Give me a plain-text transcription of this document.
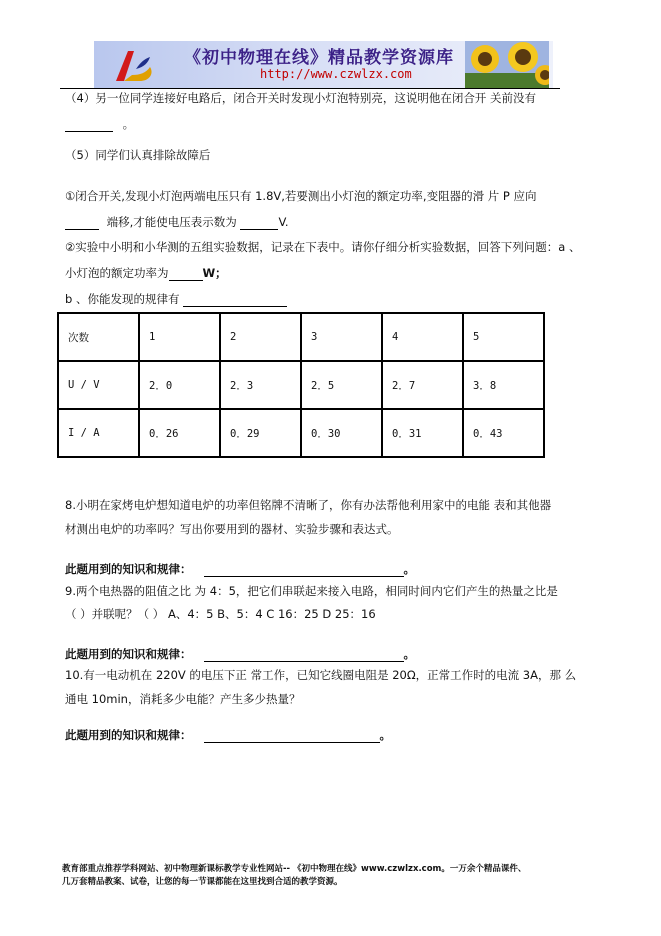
《初中物理在线》精品教学资源库
http://www.czwlzx.com
（4）另一位同学连接好电路后，闭合开关时发现小灯泡特别亮，这说明他在闭合开 关前没有
。
（5）同学们认真排除故障后
①闭合开关,发现小灯泡两端电压只有 1.8V,若要测出小灯泡的额定功率,变阻器的滑 片 P 应向
端移,才能使电压表示数为	V.
②实验中小明和小华测的五组实验数据，记录在下表中。请你仔细分析实验数据，回答下列问题：a 、
小灯泡的额定功率为	W；
b 、你能发现的规律有
次数	1	2	3	4	5
U / V	2．0	2．3	2．5	2．7	3．8
I / A	0．26	0．29	0．30	0．31	0．43
8.小明在家烤电炉想知道电炉的功率但铭牌不清晰了，你有办法帮他利用家中的电能 表和其他器
材测出电炉的功率吗？写出你要用到的器材、实验步骤和表达式。
此题用到的知识和规律：	。
9.两个电热器的阻值之比 为 4：5，把它们串联起来接入电路，相同时间内它们产生的热量之比是
（ ）并联呢？（ ） A、4：5 B、5：4 C 16：25 D 25：16
此题用到的知识和规律：	。
10.有一电动机在 220V 的电压下正 常工作，已知它线圈电阻是 20Ω，正常工作时的电流 3A，那 么
通电 10min，消耗多少电能？产生多少热量？
此题用到的知识和规律：	。
教育部重点推荐学科网站、初中物理新课标教学专业性网站-- 《初中物理在线》www.czwlzx.com。一万余个精品课件、
几万套精品教案、试卷，让您的每一节课都能在这里找到合适的教学资源。
